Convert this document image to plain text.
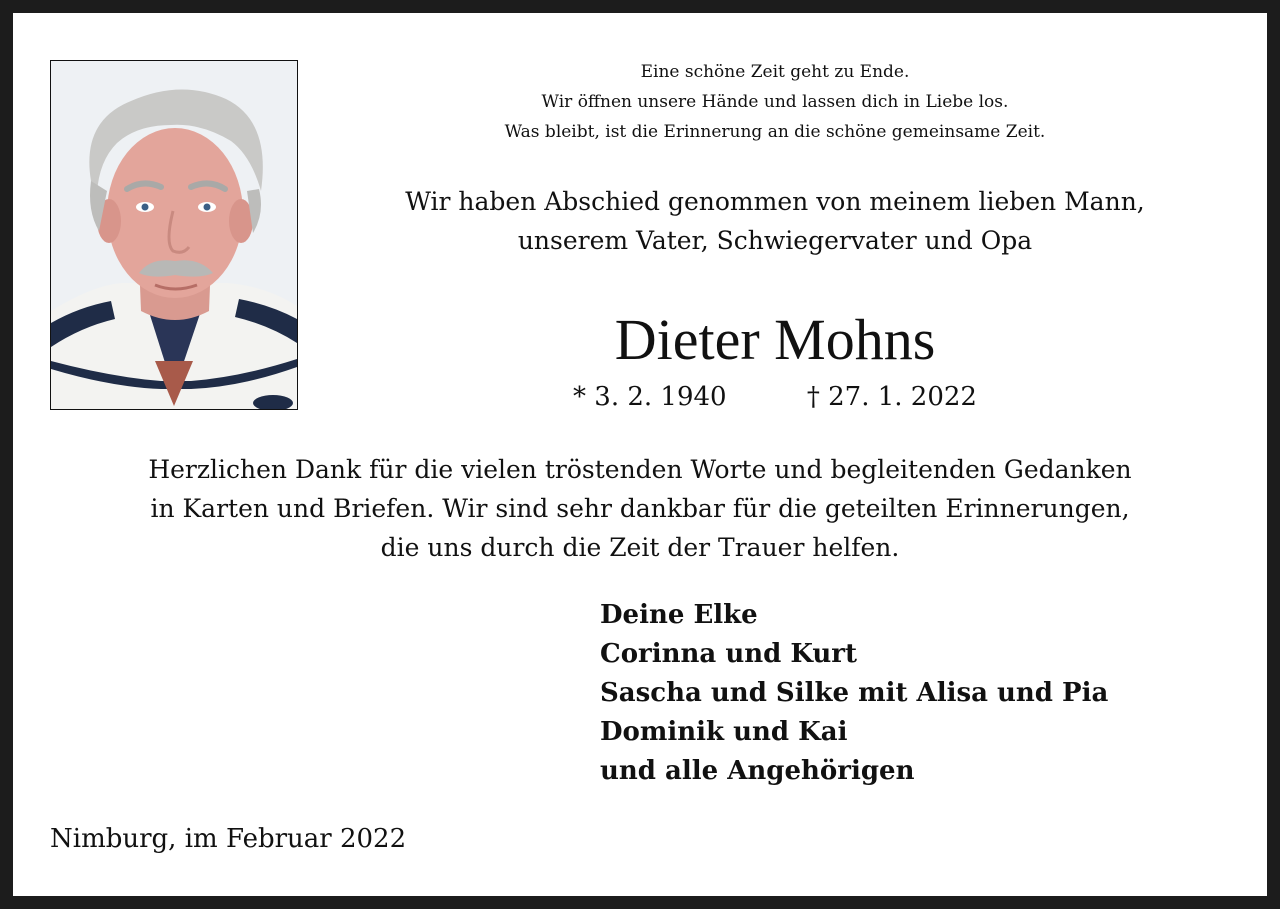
Eine schöne Zeit geht zu Ende.
Wir öffnen unsere Hände und lassen dich in Liebe los.
Was bleibt, ist die Erinnerung an die schöne gemeinsame Zeit.
Wir haben Abschied genommen von meinem lieben Mann,
unserem Vater, Schwiegervater und Opa
Dieter Mohns
* 3. 2. 1940	† 27. 1. 2022
Herzlichen Dank für die vielen tröstenden Worte und begleitenden Gedanken
in Karten und Briefen. Wir sind sehr dankbar für die geteilten Erinnerungen,
die uns durch die Zeit der Trauer helfen.
Deine Elke
Corinna und Kurt
Sascha und Silke mit Alisa und Pia
Dominik und Kai
und alle Angehörigen
Nimburg, im Februar 2022
